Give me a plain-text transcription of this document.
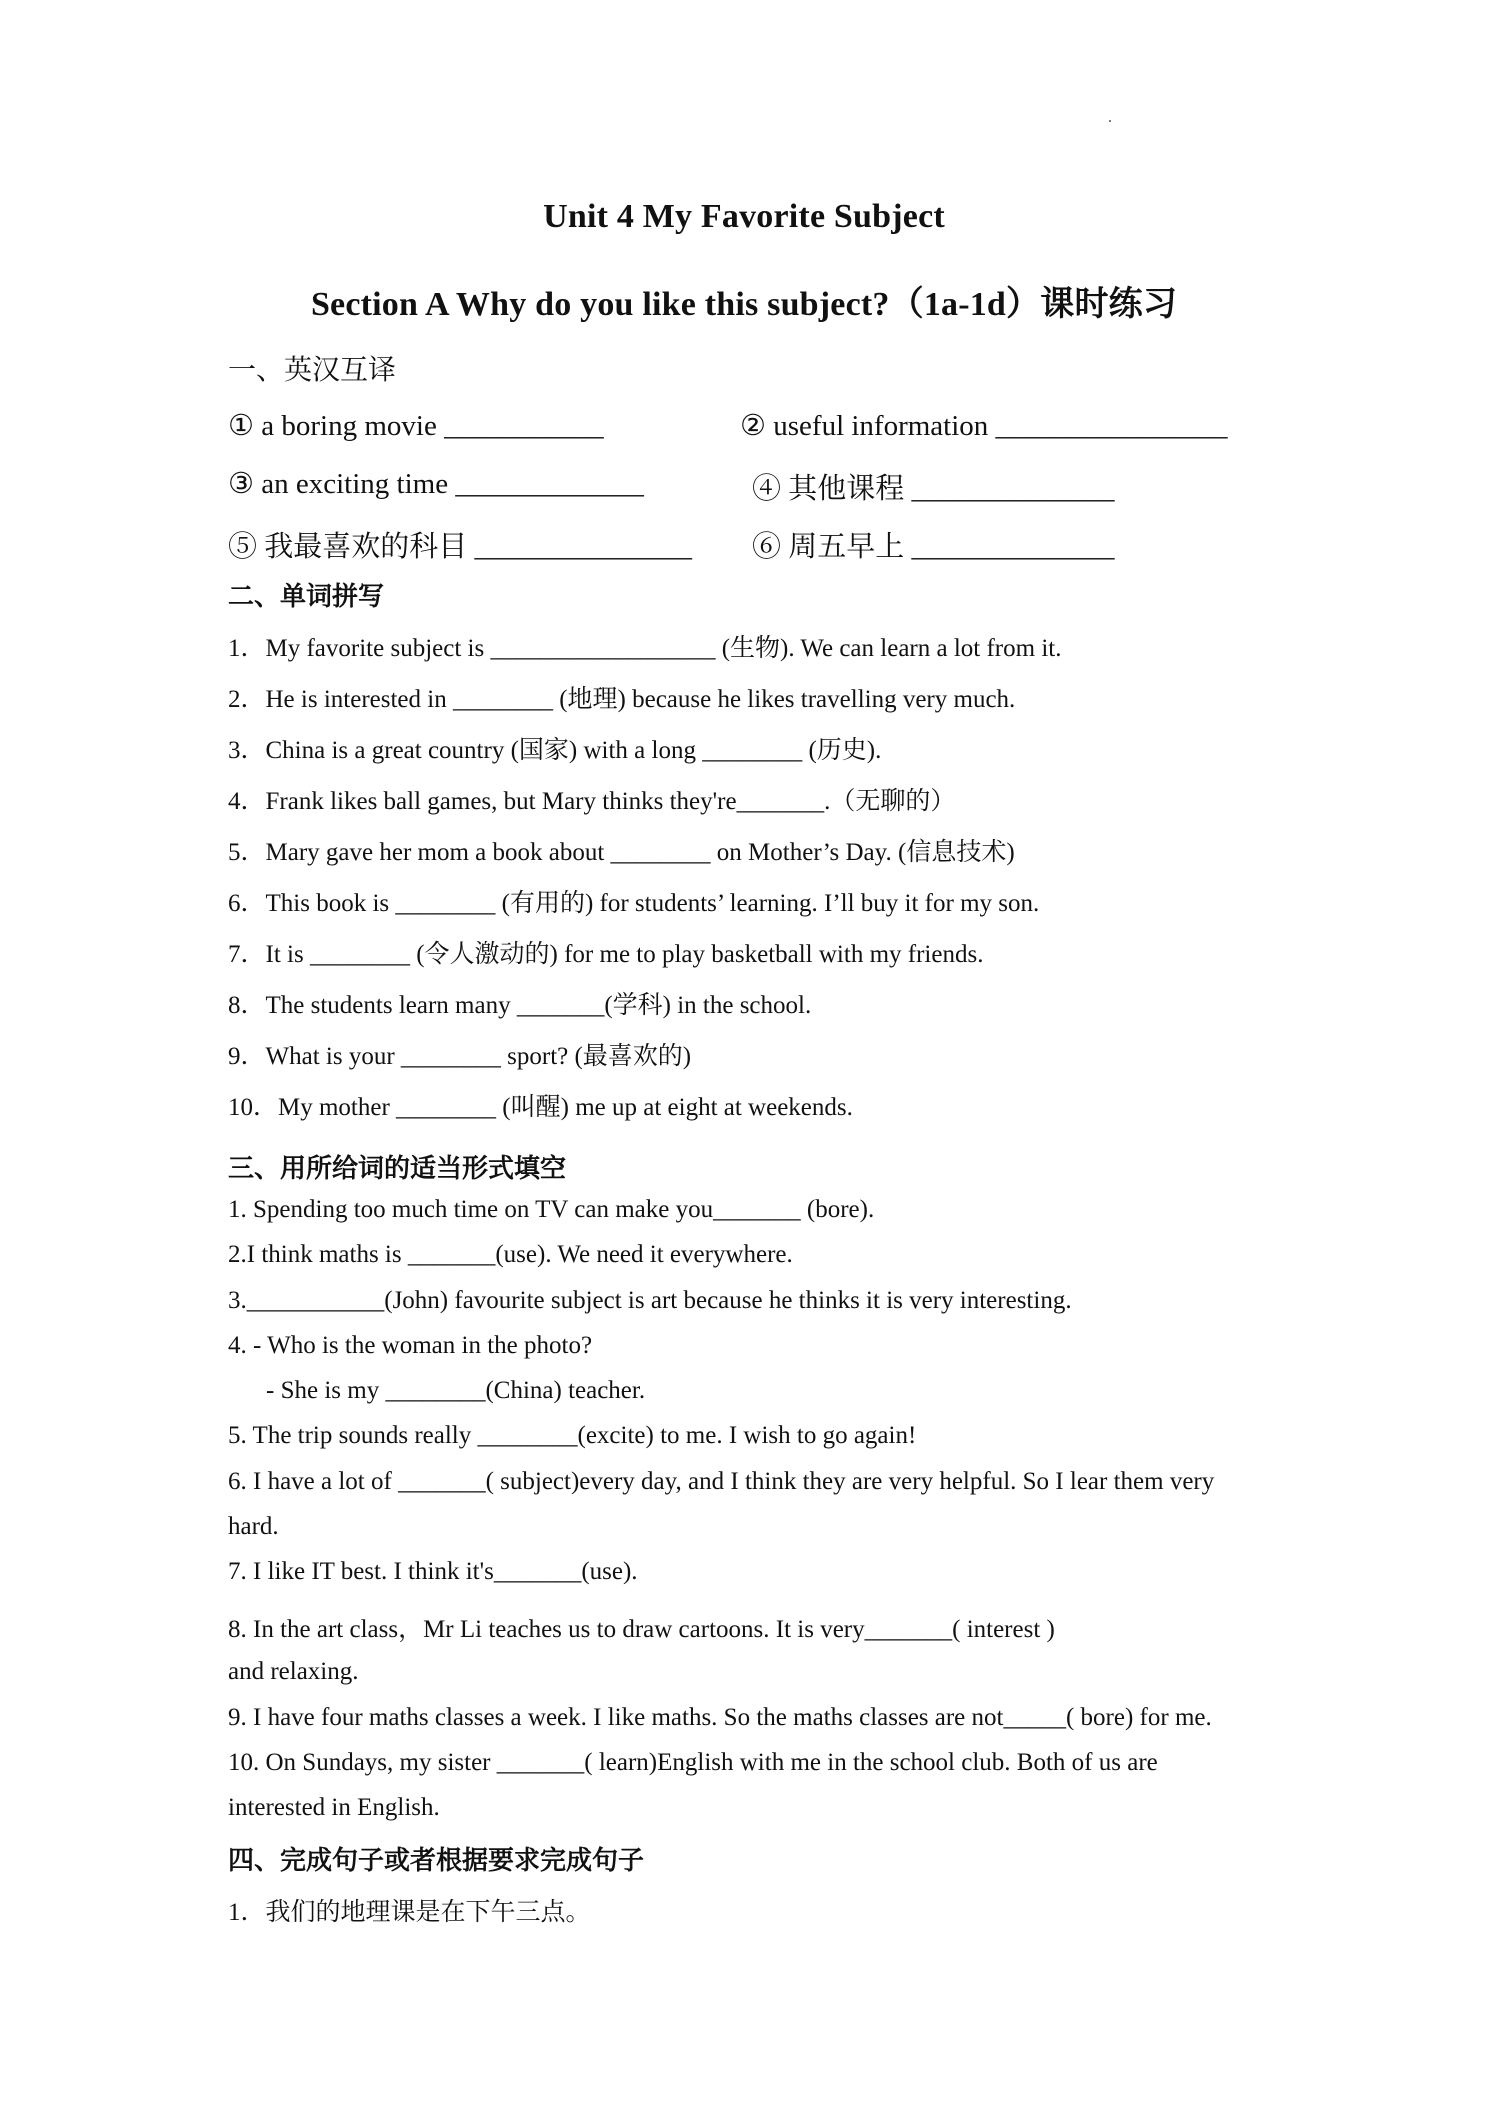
Unit 4 My Favorite Subject
Section A Why do you like this subject?（1a-1d）课时练习
一、英汉互译
① a boring movie ___________	② useful information ________________
③ an exciting time _____________	④ 其他课程 ______________
⑤ 我最喜欢的科目 _______________ ⑥ 周五早上 ______________
二、单词拼写
1．My favorite subject is __________________ (生物). We can learn a lot from it.
2．He is interested in ________ (地理) because he likes travelling very much.
3．China is a great country (国家) with a long ________ (历史).
4．Frank likes ball games, but Mary thinks they're_______.（无聊的）
5．Mary gave her mom a book about ________ on Mother’s Day. (信息技术)
6．This book is ________ (有用的) for students’ learning. I’ll buy it for my son.
7．It is ________ (令人激动的) for me to play basketball with my friends.
8．The students learn many _______(学科) in the school.
9．What is your ________ sport? (最喜欢的)
10．My mother ________ (叫醒) me up at eight at weekends.
三、用所给词的适当形式填空
1. Spending too much time on TV can make you_______ (bore).
2.I think maths is _______(use). We need it everywhere.
3.___________(John) favourite subject is art because he thinks it is very interesting.
4. - Who is the woman in the photo?
- She is my ________(China) teacher.
5. The trip sounds really ________(excite) to me. I wish to go again!
6. I have a lot of _______( subject)every day, and I think they are very helpful. So I lear them very
hard.
7. I like IT best. I think it's_______(use).
8. In the art class，Mr Li teaches us to draw cartoons. It is very_______( interest )
and relaxing.
9. I have four maths classes a week. I like maths. So the maths classes are not_____( bore) for me.
10. On Sundays, my sister _______( learn)English with me in the school club. Both of us are
interested in English.
四、完成句子或者根据要求完成句子
1．我们的地理课是在下午三点。
